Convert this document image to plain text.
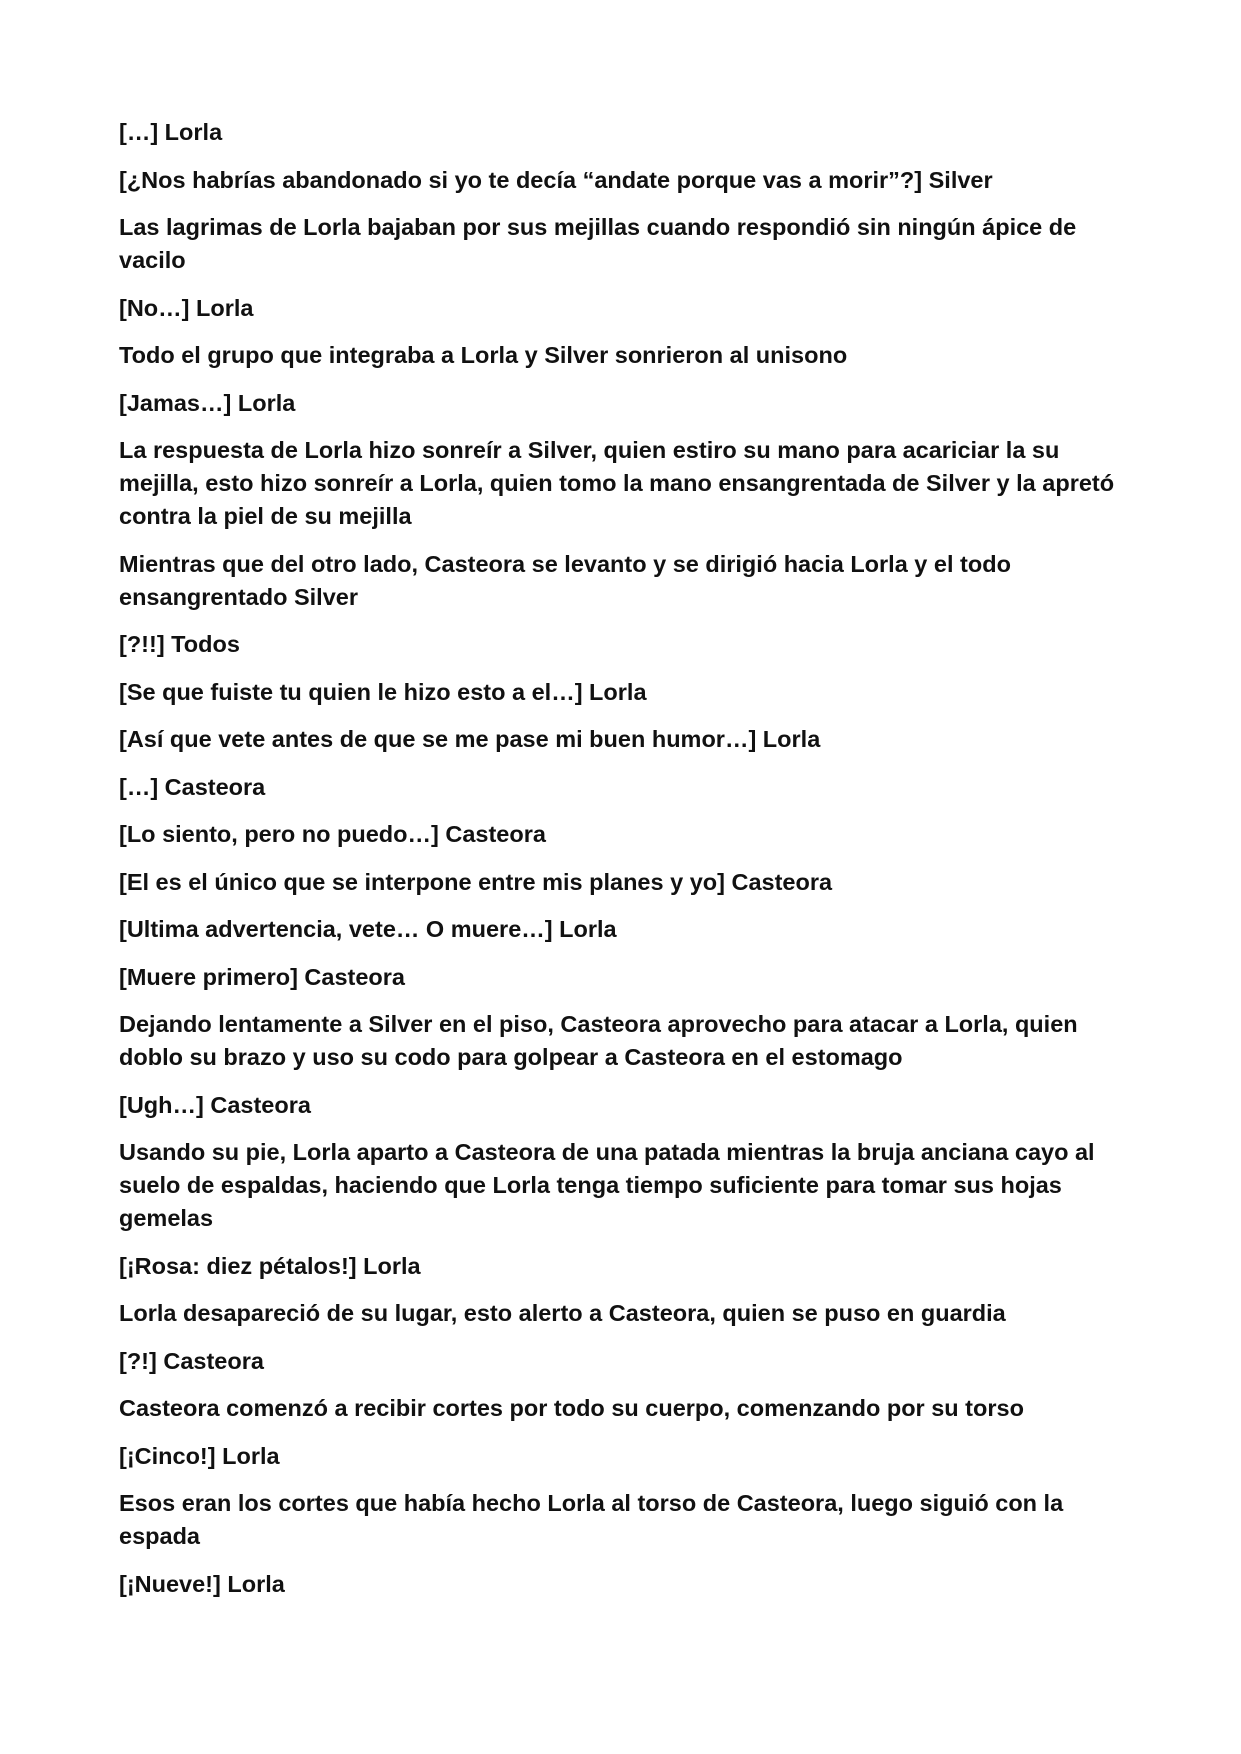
[…] Lorla

[¿Nos habrías abandonado si yo te decía “andate porque vas a morir”?] Silver

Las lagrimas de Lorla bajaban por sus mejillas cuando respondió sin ningún ápice de vacilo

[No…] Lorla

Todo el grupo que integraba a Lorla y Silver sonrieron al unisono

[Jamas…] Lorla

La respuesta de Lorla hizo sonreír a Silver, quien estiro su mano para acariciar la su mejilla, esto hizo sonreír a Lorla, quien tomo la mano ensangrentada de Silver y la apretó contra la piel de su mejilla

Mientras que del otro lado, Casteora se levanto y se dirigió hacia Lorla y el todo ensangrentado Silver

[?!!] Todos

[Se que fuiste tu quien le hizo esto a el…] Lorla

[Así que vete antes de que se me pase mi buen humor…] Lorla

[…] Casteora

[Lo siento, pero no puedo…] Casteora

[El es el único que se interpone entre mis planes y yo] Casteora

[Ultima advertencia, vete… O muere…] Lorla

[Muere primero] Casteora

Dejando lentamente a Silver en el piso, Casteora aprovecho para atacar a Lorla, quien doblo su brazo y uso su codo para golpear a Casteora en el estomago

[Ugh…] Casteora

Usando su pie, Lorla aparto a Casteora de una patada mientras la bruja anciana cayo al suelo de espaldas, haciendo que Lorla tenga tiempo suficiente para tomar sus hojas gemelas

[¡Rosa: diez pétalos!] Lorla

Lorla desapareció de su lugar, esto alerto a Casteora, quien se puso en guardia

[?!] Casteora

Casteora comenzó a recibir cortes por todo su cuerpo, comenzando por su torso

[¡Cinco!] Lorla

Esos eran los cortes que había hecho Lorla al torso de Casteora, luego siguió con la espada

[¡Nueve!] Lorla
